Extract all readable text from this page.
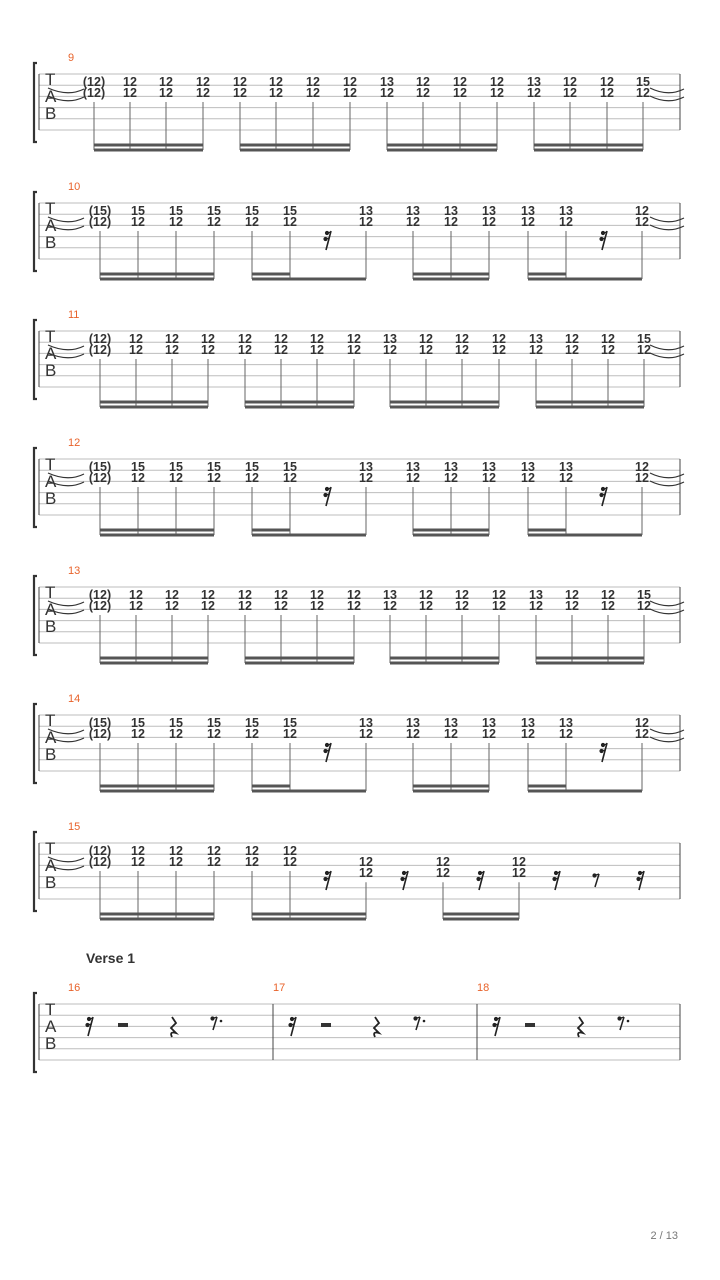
T
A
B
9
(12)
(12)
12
12
12
12
12
12
12
12
12
12
12
12
12
12
13
12
12
12
12
12
12
12
13
12
12
12
12
12
15
12
T
A
B
10
(15)
(12)
15
12
15
12
15
12
15
12
15
12
13
12
13
12
13
12
13
12
13
12
13
12
12
12
T
A
B
11
(12)
(12)
12
12
12
12
12
12
12
12
12
12
12
12
12
12
13
12
12
12
12
12
12
12
13
12
12
12
12
12
15
12
T
A
B
12
(15)
(12)
15
12
15
12
15
12
15
12
15
12
13
12
13
12
13
12
13
12
13
12
13
12
12
12
T
A
B
13
(12)
(12)
12
12
12
12
12
12
12
12
12
12
12
12
12
12
13
12
12
12
12
12
12
12
13
12
12
12
12
12
15
12
T
A
B
14
(15)
(12)
15
12
15
12
15
12
15
12
15
12
13
12
13
12
13
12
13
12
13
12
13
12
12
12
T
A
B
15
(12)
(12)
12
12
12
12
12
12
12
12
12
12	12
12
12
12
12
12
T
A
B
16	17	18
Verse 1
2 / 13
